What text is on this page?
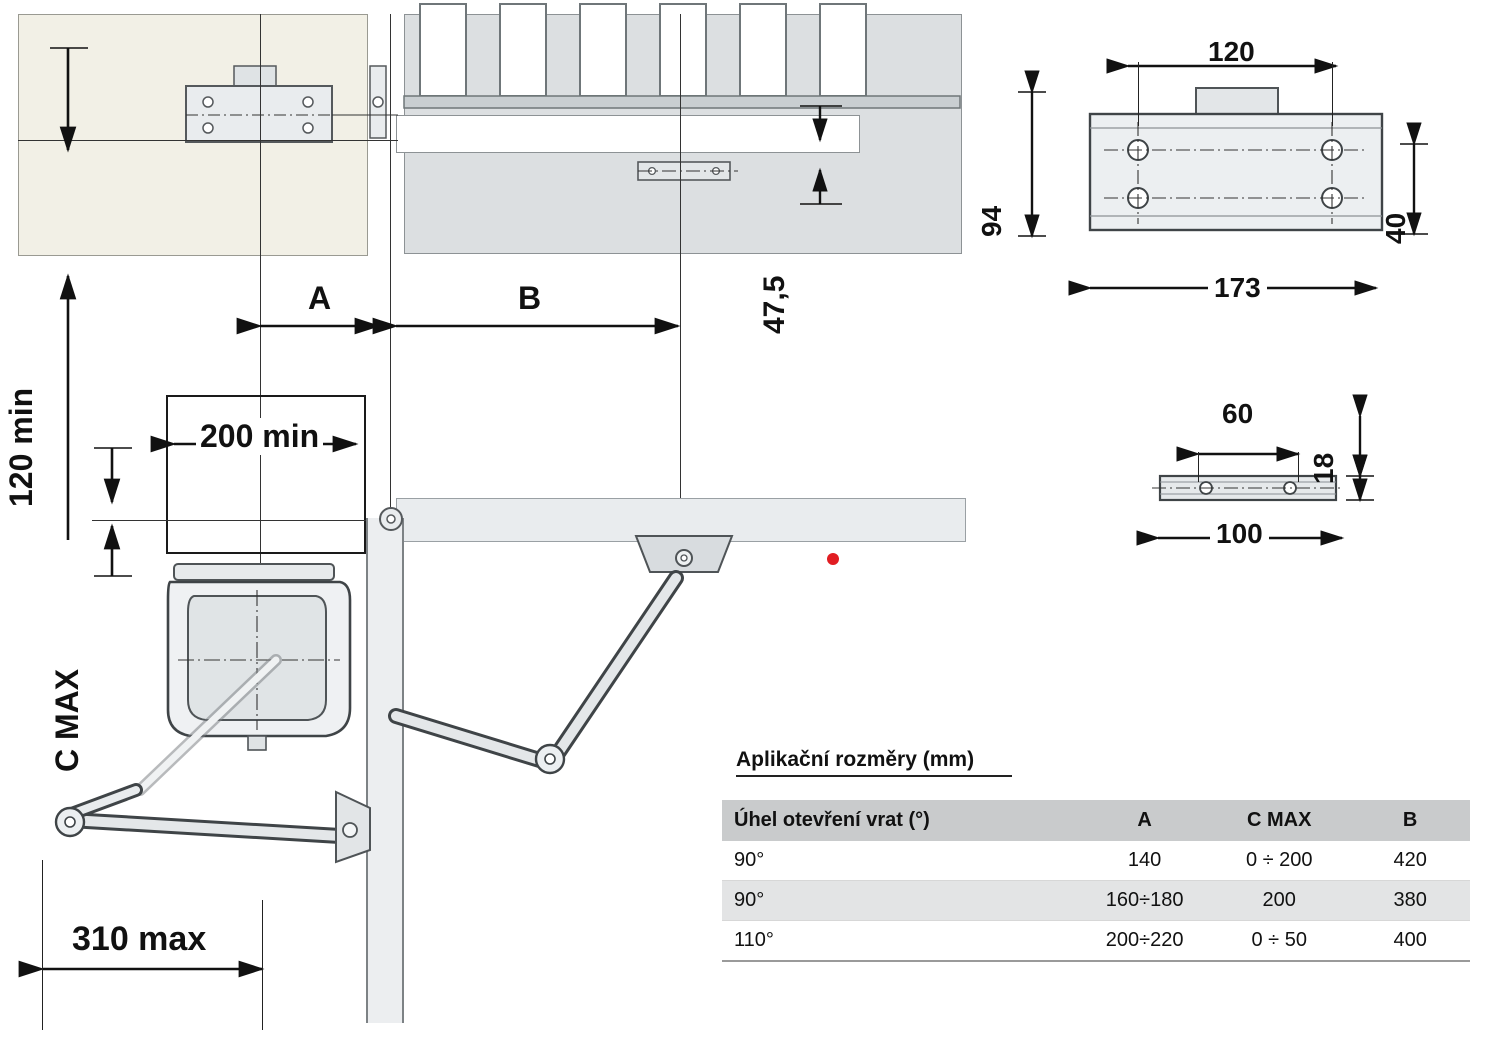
47,5
A	B
120 min	200 min
C MAX
310 max
120
94	40
173
60
18
100
Aplikační rozměry (mm)
Úhel otevření vrat (°)	A	C MAX	B
90°	140	0 ÷ 200	420
90°	160÷180	200	380
110°	200÷220	0 ÷ 50	400
